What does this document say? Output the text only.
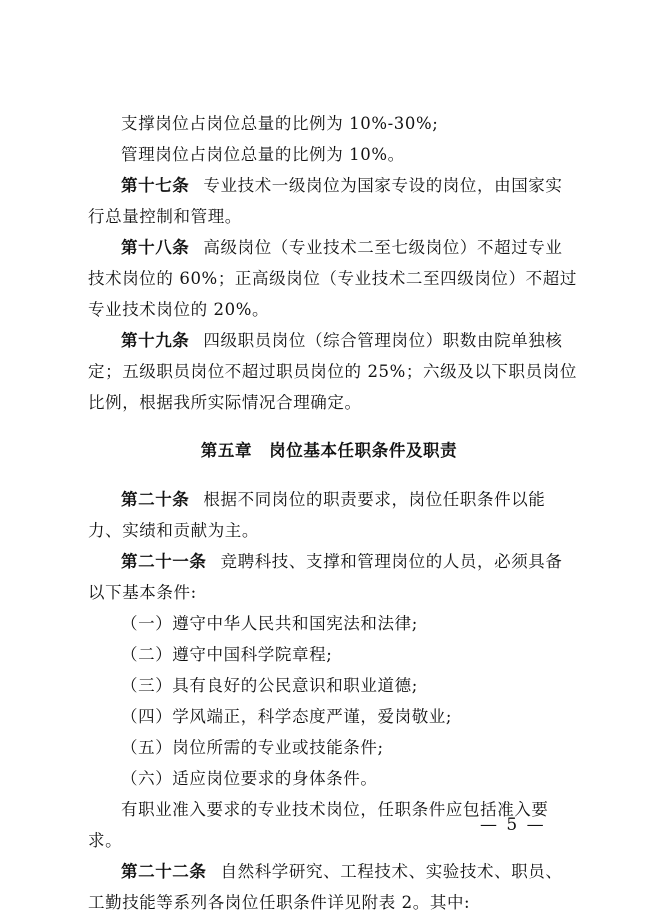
支撑岗位占岗位总量的比例为 10%-30%;
管理岗位占岗位总量的比例为 10%。
第十七条 专业技术一级岗位为国家专设的岗位，由国家实
行总量控制和管理。
第十八条 高级岗位（专业技术二至七级岗位）不超过专业
技术岗位的 60%；正高级岗位（专业技术二至四级岗位）不超过
专业技术岗位的 20%。
第十九条 四级职员岗位（综合管理岗位）职数由院单独核
定；五级职员岗位不超过职员岗位的 25%；六级及以下职员岗位
比例，根据我所实际情况合理确定。
第五章　岗位基本任职条件及职责
第二十条 根据不同岗位的职责要求，岗位任职条件以能
力、实绩和贡献为主。
第二十一条 竞聘科技、支撑和管理岗位的人员，必须具备
以下基本条件:
（一）遵守中华人民共和国宪法和法律;
（二）遵守中国科学院章程;
（三）具有良好的公民意识和职业道德;
（四）学风端正，科学态度严谨，爱岗敬业;
（五）岗位所需的专业或技能条件;
（六）适应岗位要求的身体条件。
有职业准入要求的专业技术岗位，任职条件应包括准入要
求。
第二十二条 自然科学研究、工程技术、实验技术、职员、
工勤技能等系列各岗位任职条件详见附表 2。其中:
— 5 —
